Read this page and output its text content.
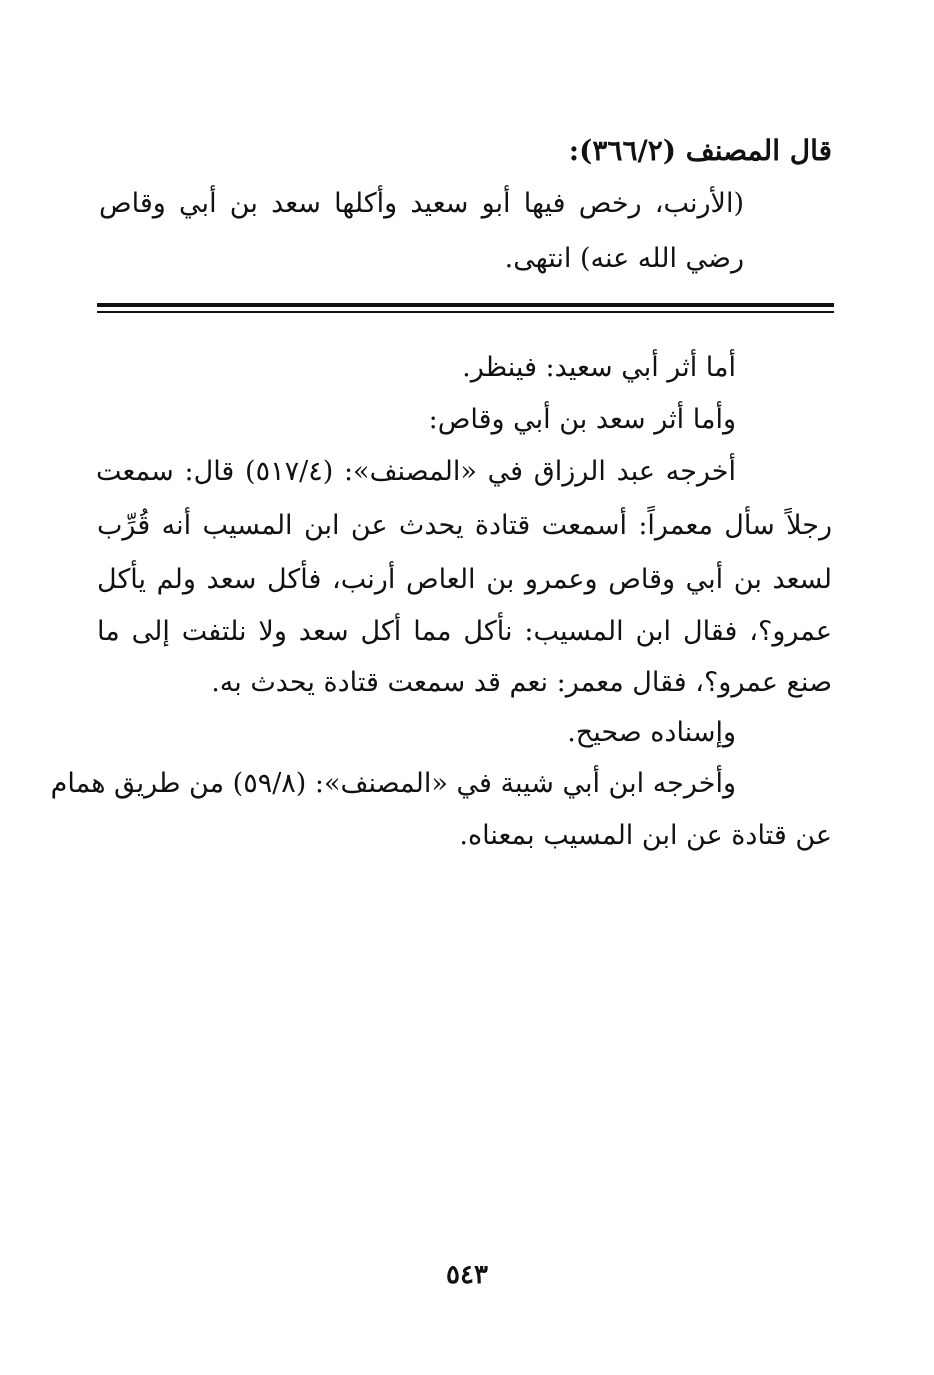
قال المصنف (٣٦٦/٢):
(الأرنب، رخص فيها أبو سعيد وأكلها سعد بن أبي وقاص
رضي الله عنه) انتهى.
أما أثر أبي سعيد: فينظر.
وأما أثر سعد بن أبي وقاص:
أخرجه عبد الرزاق في «المصنف»: (٥١٧/٤) قال: سمعت
رجلاً سأل معمراً: أسمعت قتادة يحدث عن ابن المسيب أنه قُرِّب
لسعد بن أبي وقاص وعمرو بن العاص أرنب، فأكل سعد ولم يأكل
عمرو؟، فقال ابن المسيب: نأكل مما أكل سعد ولا نلتفت إلى ما
صنع عمرو؟، فقال معمر: نعم قد سمعت قتادة يحدث به.
وإسناده صحيح.
وأخرجه ابن أبي شيبة في «المصنف»: (٥٩/٨) من طريق همام
عن قتادة عن ابن المسيب بمعناه.
٥٤٣
